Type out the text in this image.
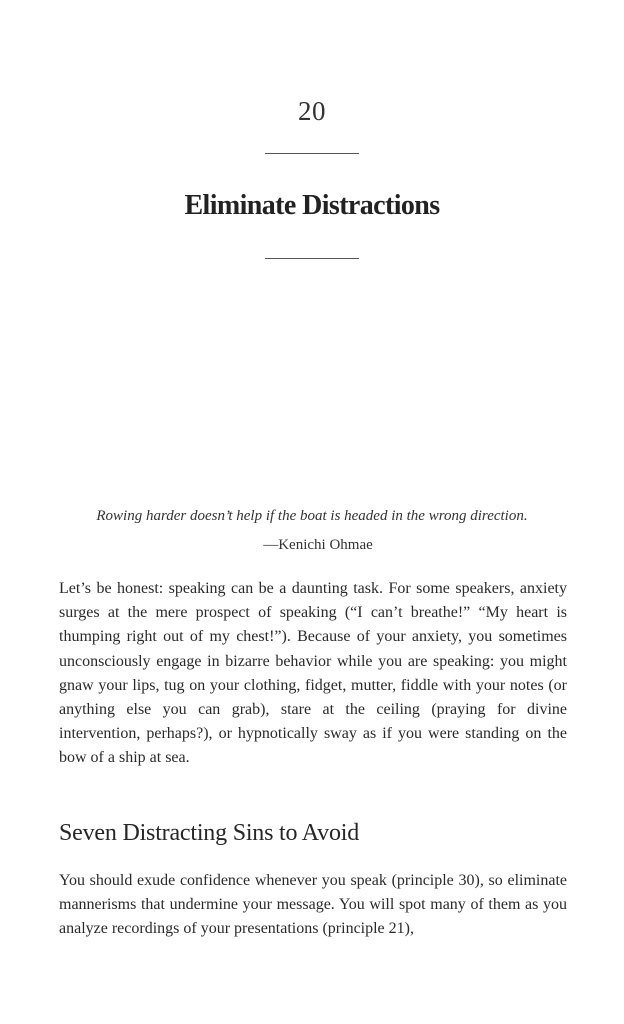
20
Eliminate Distractions
Rowing harder doesn’t help if the boat is headed in the wrong direction.
—Kenichi Ohmae

Let’s be honest: speaking can be a daunting task. For some speakers, anxiety surges at the mere prospect of speaking (“I can’t breathe!” “My heart is thumping right out of my chest!”). Because of your anxiety, you sometimes unconsciously engage in bizarre behavior while you are speaking: you might gnaw your lips, tug on your clothing, fidget, mutter, fiddle with your notes (or anything else you can grab), stare at the ceiling (praying for divine intervention, perhaps?), or hypnotically sway as if you were standing on the bow of a ship at sea.

Seven Distracting Sins to Avoid

You should exude confidence whenever you speak (principle 30), so eliminate mannerisms that undermine your message. You will spot many of them as you analyze recordings of your presentations (principle 21),
